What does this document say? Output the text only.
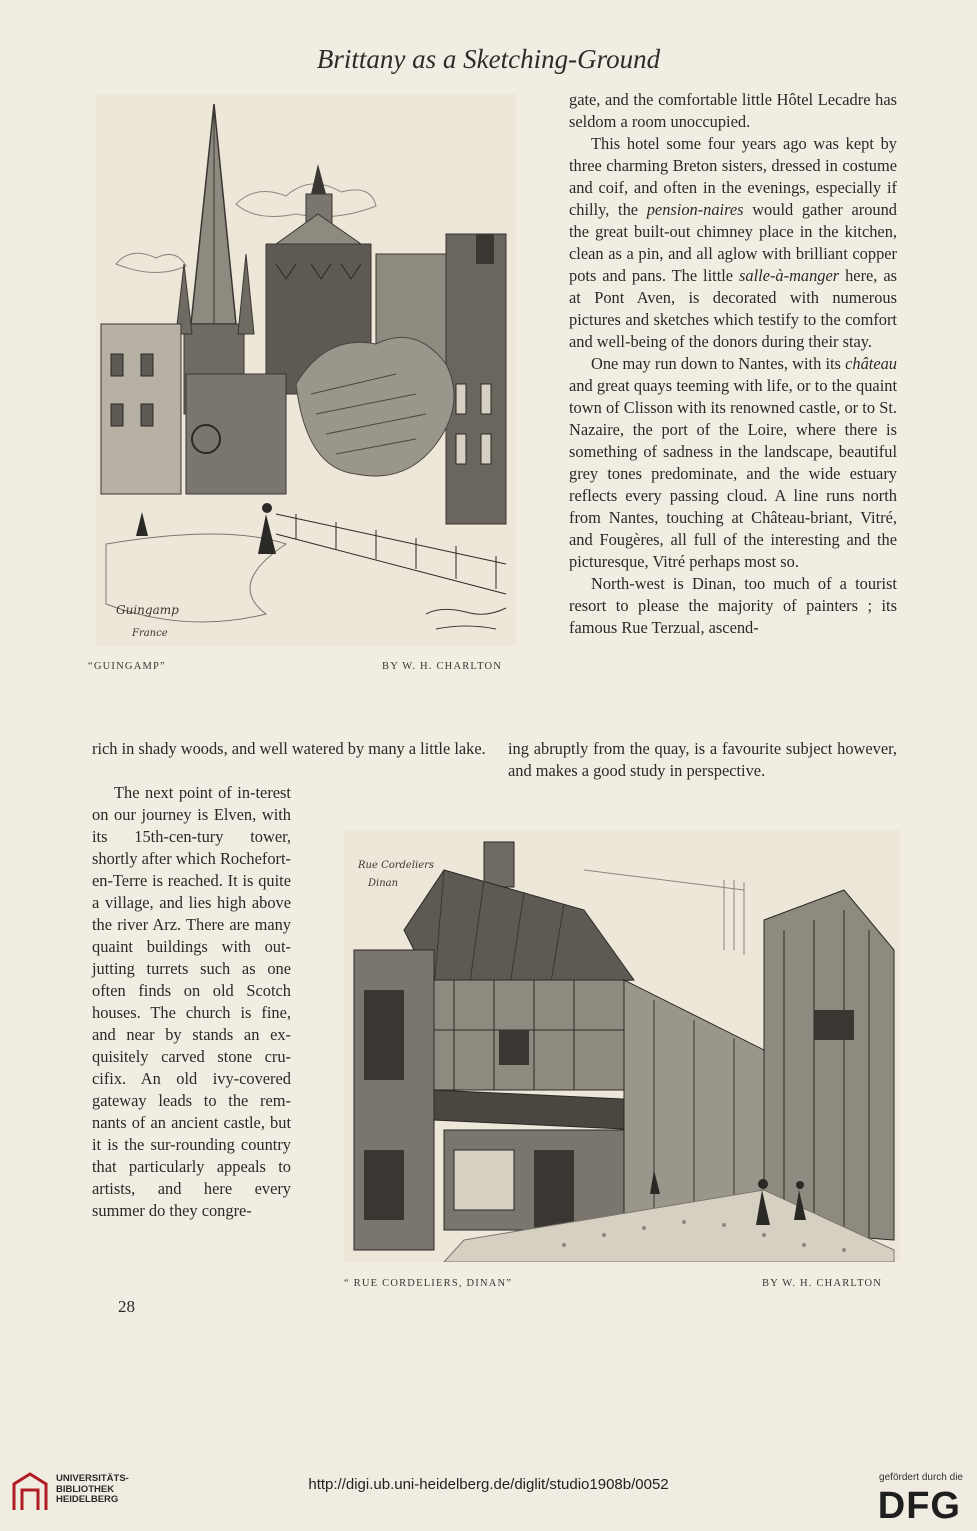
Brittany as a Sketching-Ground
Guingamp
France
“GUINGAMP”	BY W. H. CHARLTON

gate, and the comfortable little Hôtel Lecadre has seldom a room unoccupied.

This hotel some four years ago was kept by three charming Breton sisters, dressed in costume and coif, and often in the evenings, especially if chilly, the pension-naires would gather around the great built-out chimney place in the kitchen, clean as a pin, and all aglow with brilliant copper pots and pans. The little salle-à-manger here, as at Pont Aven, is decorated with numerous pictures and sketches which testify to the comfort and well-being of the donors during their stay.

One may run down to Nantes, with its château and great quays teeming with life, or to the quaint town of Clisson with its renowned castle, or to St. Nazaire, the port of the Loire, where there is something of sadness in the landscape, beautiful grey tones predominate, and the wide estuary reflects every passing cloud. A line runs north from Nantes, touching at Château-briant, Vitré, and Fougères, all full of the interesting and the picturesque, Vitré perhaps most so.

North-west is Dinan, too much of a tourist resort to please the majority of painters ; its famous Rue Terzual, ascend-

rich in shady woods, and well watered by many a little lake.	ing abruptly from the quay, is a favourite subject however, and makes a good study in perspective.

The next point of in-terest on our journey is Elven, with its 15th-cen-tury tower, shortly after which Rochefort-en-Terre is reached. It is quite a village, and lies high above the river Arz. There are many quaint buildings with out-jutting turrets such as one often finds on old Scotch houses. The church is fine, and near by stands an ex-quisitely carved stone cru-cifix. An old ivy-covered gateway leads to the rem-nants of an ancient castle, but it is the sur-rounding country that particularly appeals to artists, and here every summer do they congre-

Rue Cordeliers
Dinan
“ RUE CORDELIERS, DINAN”	BY W. H. CHARLTON
28
UNIVERSITÄTS-
BIBLIOTHEK
HEIDELBERG
http://digi.ub.uni-heidelberg.de/diglit/studio1908b/0052	gefördert durch die
DFG
